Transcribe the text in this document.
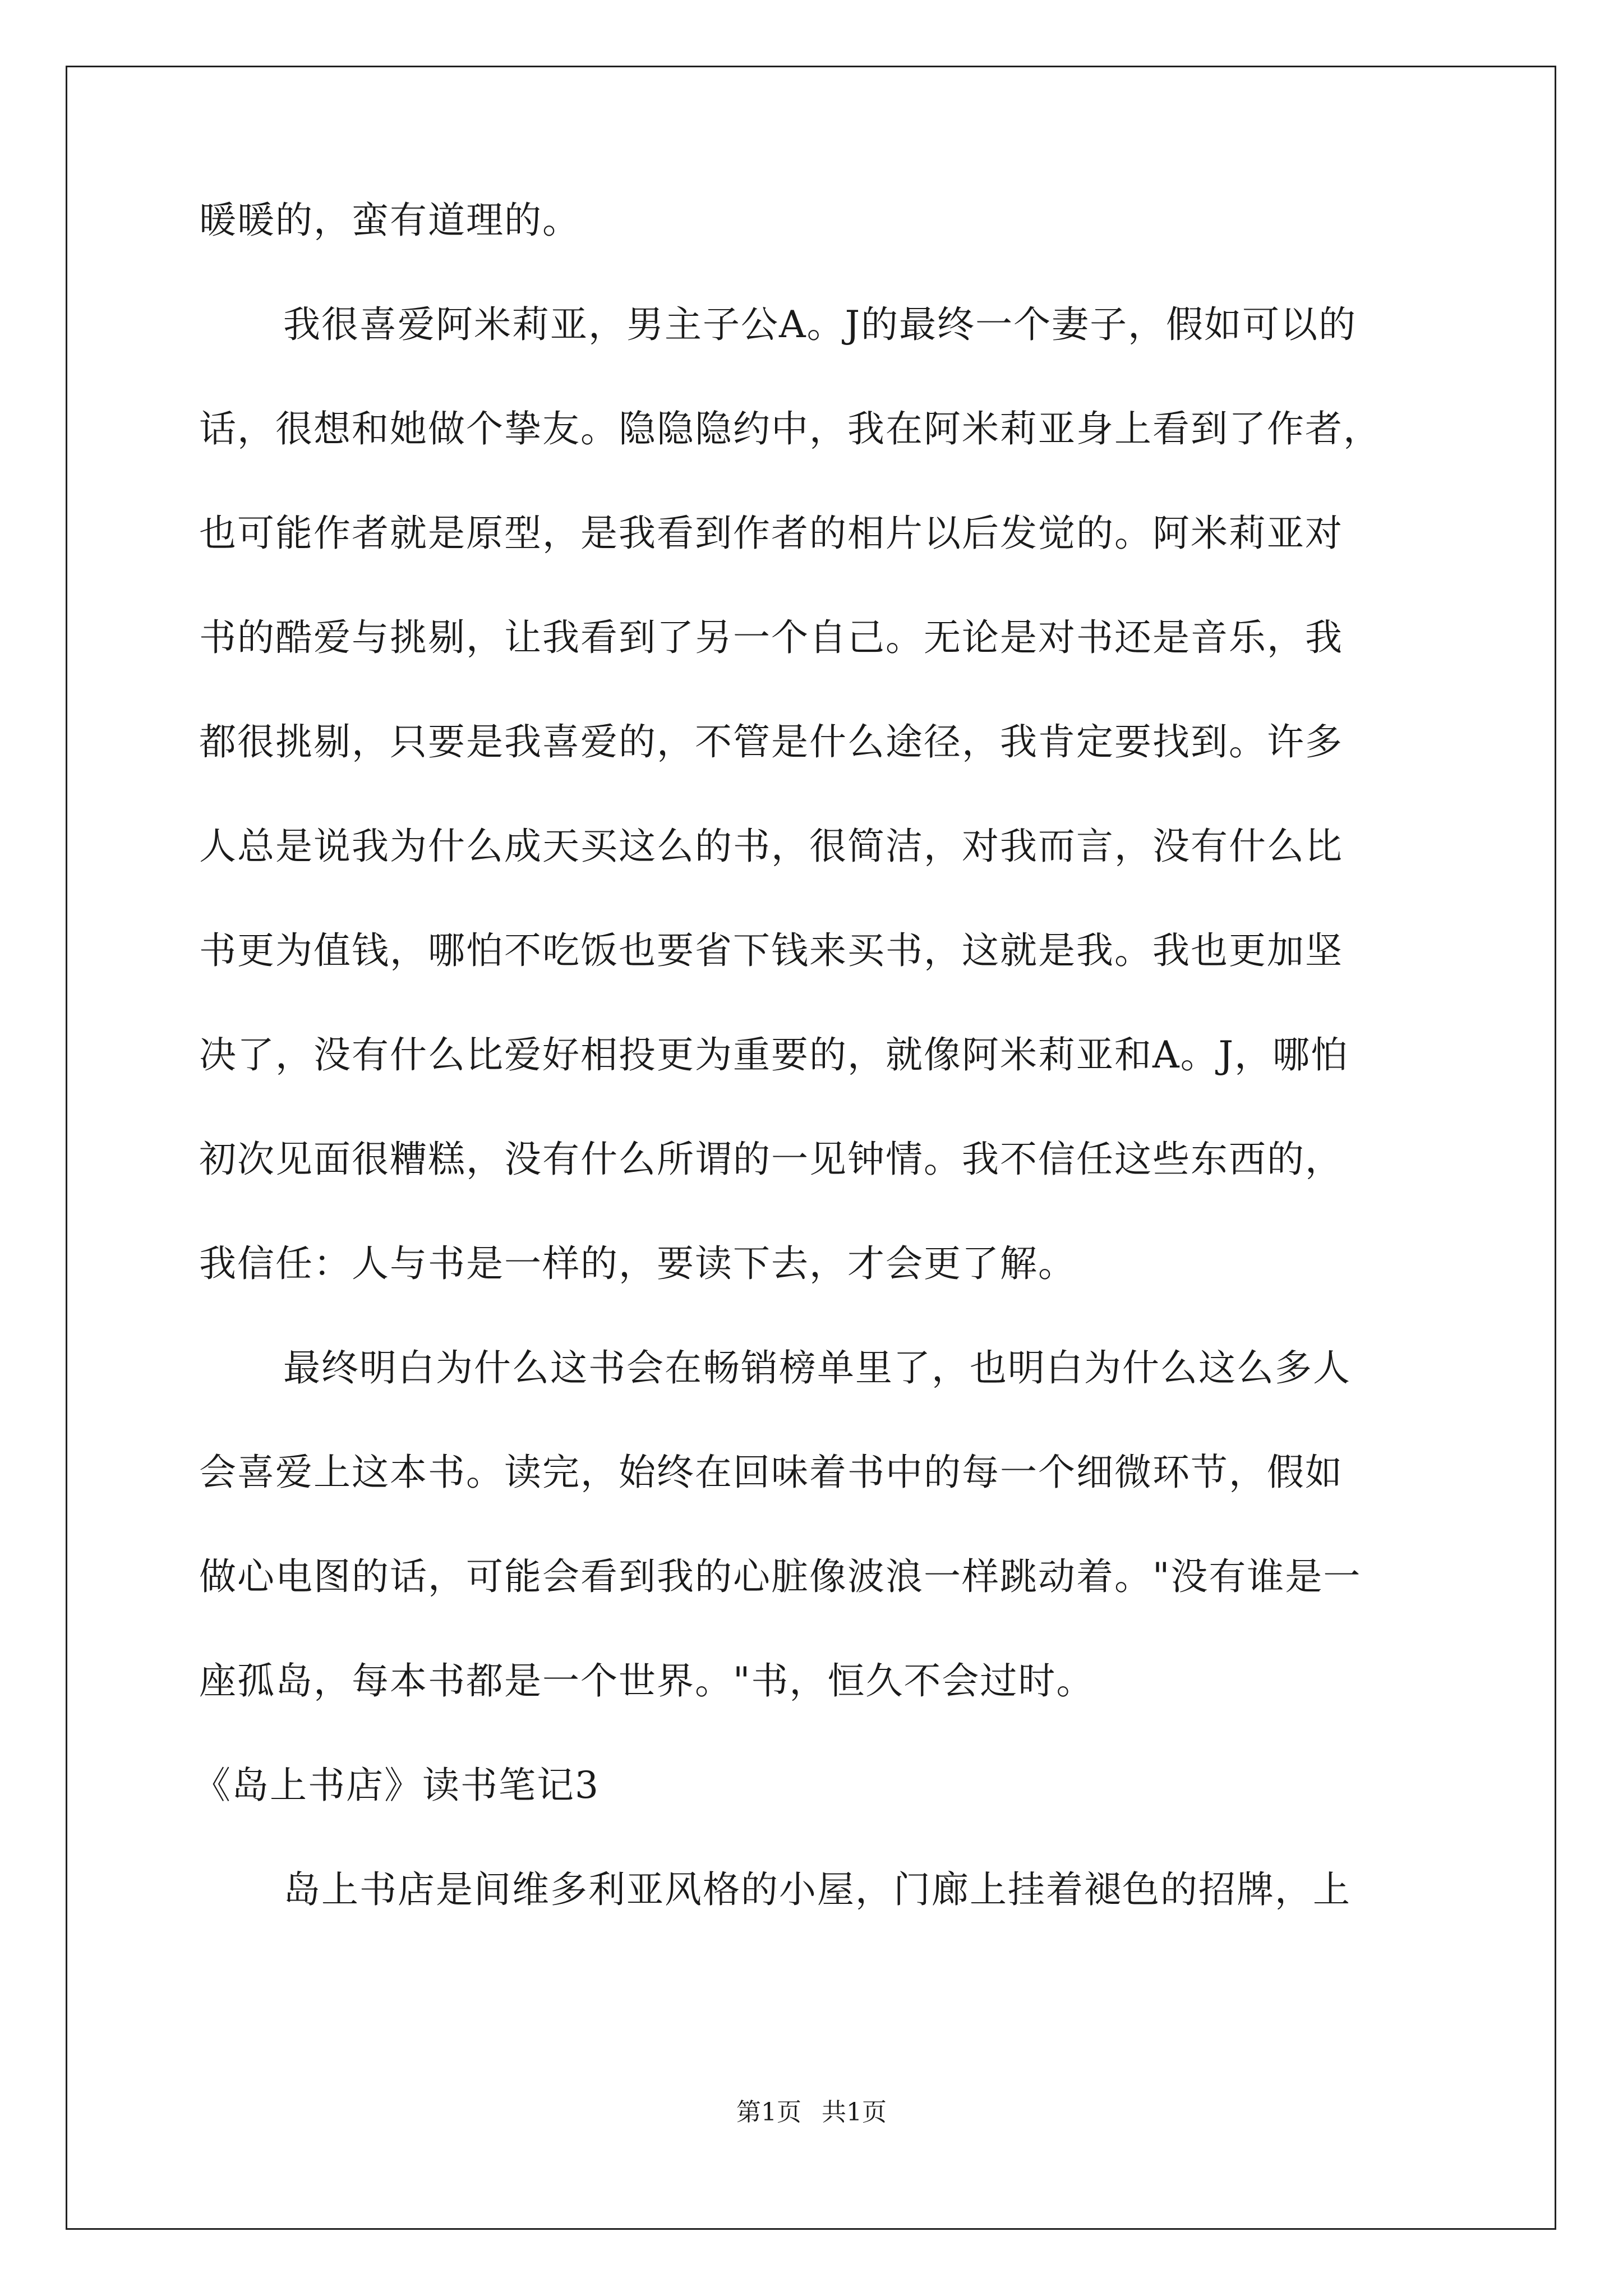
暖暖的，蛮有道理的。
我很喜爱阿米莉亚，男主子公A。J的最终一个妻子，假如可以的
话，很想和她做个挚友。隐隐隐约中，我在阿米莉亚身上看到了作者，
也可能作者就是原型，是我看到作者的相片以后发觉的。阿米莉亚对
书的酷爱与挑剔，让我看到了另一个自己。无论是对书还是音乐，我
都很挑剔，只要是我喜爱的，不管是什么途径，我肯定要找到。许多
人总是说我为什么成天买这么的书，很简洁，对我而言，没有什么比
书更为值钱，哪怕不吃饭也要省下钱来买书，这就是我。我也更加坚
决了，没有什么比爱好相投更为重要的，就像阿米莉亚和A。J，哪怕
初次见面很糟糕，没有什么所谓的一见钟情。我不信任这些东西的，
我信任：人与书是一样的，要读下去，才会更了解。
最终明白为什么这书会在畅销榜单里了，也明白为什么这么多人
会喜爱上这本书。读完，始终在回味着书中的每一个细微环节，假如
做心电图的话，可能会看到我的心脏像波浪一样跳动着。"没有谁是一
座孤岛，每本书都是一个世界。"书，恒久不会过时。
《岛上书店》读书笔记3
岛上书店是间维多利亚风格的小屋，门廊上挂着褪色的招牌，上
第1页 共1页
